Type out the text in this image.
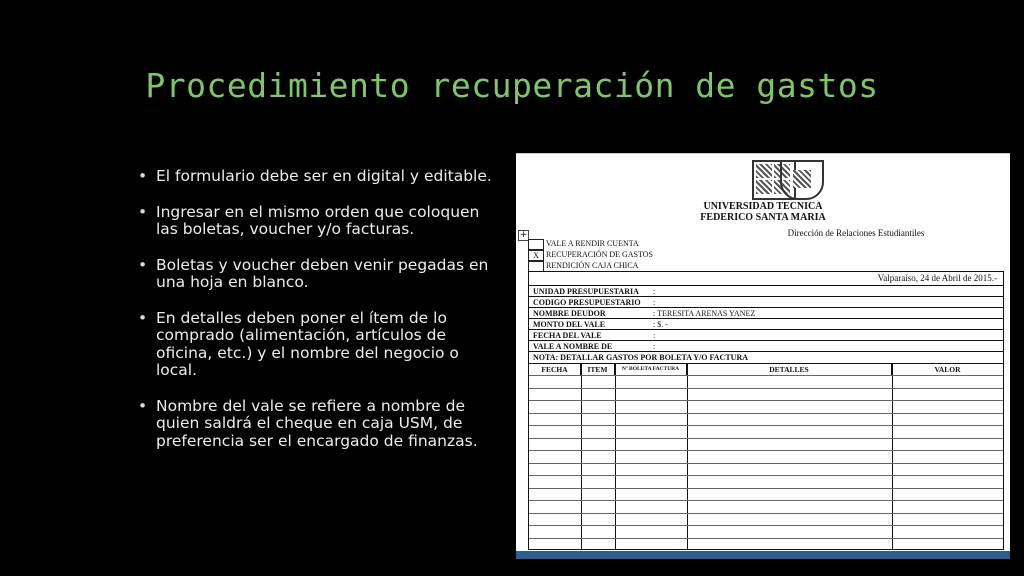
Procedimiento recuperación de gastos
• El formulario debe ser en digital y editable.
• Ingresar en el mismo orden que coloquen las boletas, voucher y/o facturas.
• Boletas y voucher deben venir pegadas en una hoja en blanco.
• En detalles deben poner el ítem de lo comprado (alimentación, artículos de oficina, etc.) y el nombre del negocio o local.
• Nombre del vale se refiere a nombre de quien saldrá el cheque en caja USM, de preferencia ser el encargado de finanzas.
UNIVERSIDAD TECNICA
FEDERICO SANTA MARIA
Dirección de Relaciones Estudiantiles
+
VALE A RENDIR CUENTA
X RECUPERACIÓN DE GASTOS
RENDICIÓN CAJA CHICA
Valparaíso, 24 de Abril de 2015.-
UNIDAD PRESUPUESTARIA :
CODIGO PRESUPUESTARIO :
NOMBRE DEUDOR	: TERESITA ARENAS YANEZ
MONTO DEL VALE	: $. -
FECHA DEL VALE	:
VALE A NOMBRE DE	:
NOTA: DETALLAR GASTOS POR BOLETA Y/O FACTURA
FECHA	ITEM	Nº BOLETA FACTURA	DETALLES	VALOR
